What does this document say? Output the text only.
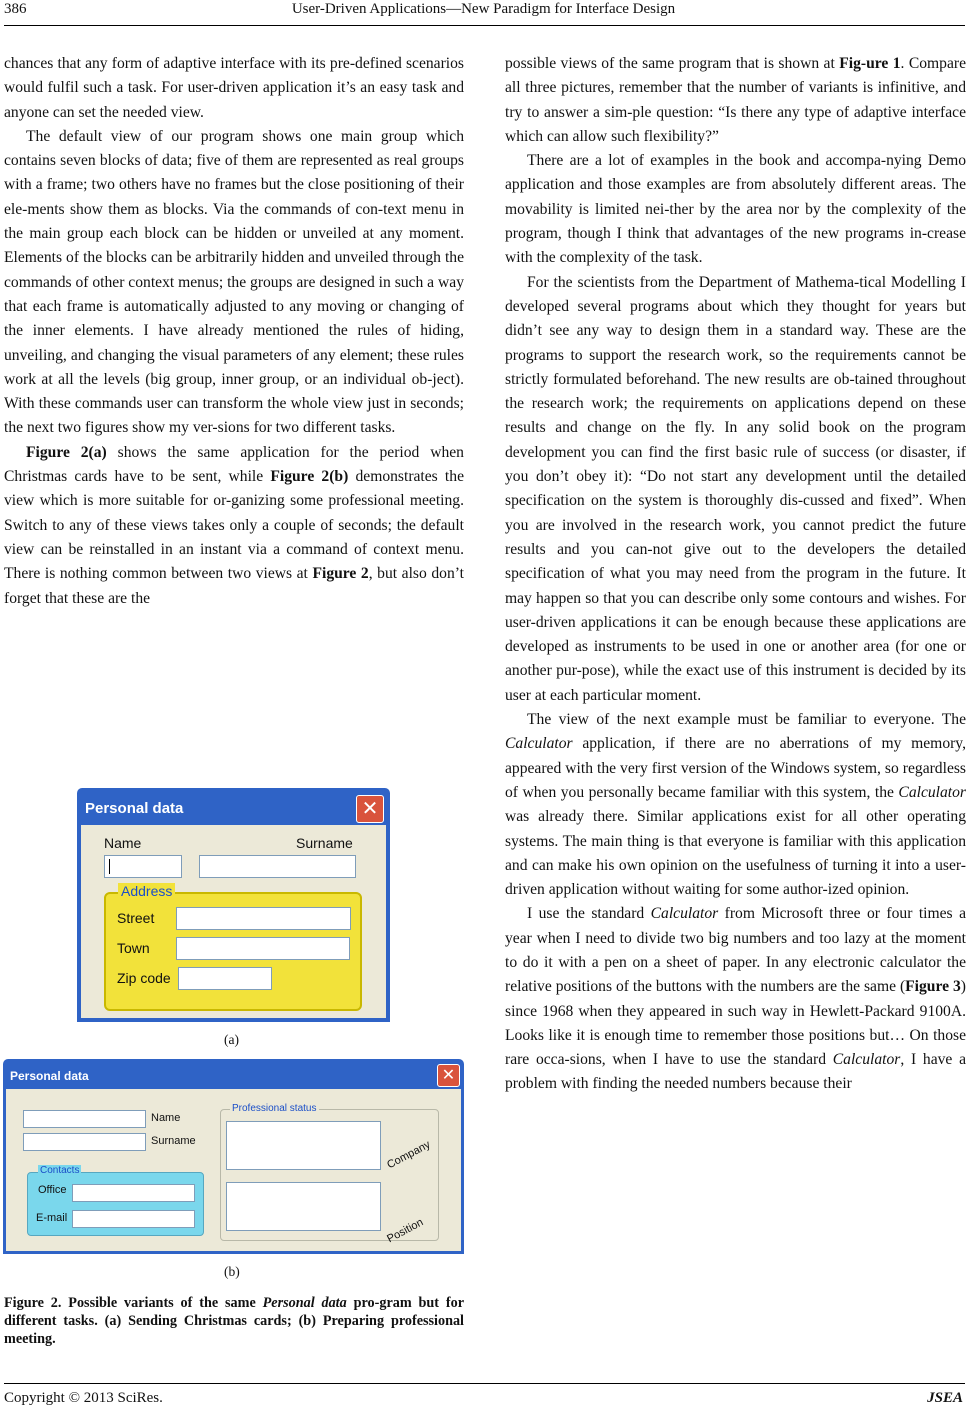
386	User-Driven Applications—New Paradigm for Interface Design

chances that any form of adaptive interface with its pre-defined scenarios would fulfil such a task. For user-driven application it’s an easy task and anyone can set the needed view.

The default view of our program shows one main group which contains seven blocks of data; five of them are represented as real groups with a frame; two others have no frames but the close positioning of their ele-ments show them as blocks. Via the commands of con-text menu in the main group each block can be hidden or unveiled at any moment. Elements of the blocks can be arbitrarily hidden and unveiled through the commands of other context menus; the groups are designed in such a way that each frame is automatically adjusted to any moving or changing of the inner elements. I have already mentioned the rules of hiding, unveiling, and changing the visual parameters of any element; these rules work at all the levels (big group, inner group, or an individual ob-ject). With these commands user can transform the whole view just in seconds; the next two figures show my ver-sions for two different tasks.

Figure 2(a) shows the same application for the period when Christmas cards have to be sent, while Figure 2(b) demonstrates the view which is more suitable for or-ganizing some professional meeting. Switch to any of these views takes only a couple of seconds; the default view can be reinstalled in an instant via a command of context menu. There is nothing common between two views at Figure 2, but also don’t forget that these are the

Personal data	✕
Name	Surname
Address
Street
Town
Zip code
(a)
Personal data	✕
Name
Surname
Contacts
Office
E-mail
Professional status
Company
Position
(b)
Figure 2. Possible variants of the same Personal data pro-gram but for different tasks. (a) Sending Christmas cards; (b) Preparing professional meeting.

possible views of the same program that is shown at Fig-ure 1. Compare all three pictures, remember that the number of variants is infinitive, and try to answer a sim-ple question: “Is there any type of adaptive interface which can allow such flexibility?”

There are a lot of examples in the book and accompa-nying Demo application and those examples are from absolutely different areas. The movability is limited nei-ther by the area nor by the complexity of the program, though I think that advantages of the new programs in-crease with the complexity of the task.

For the scientists from the Department of Mathema-tical Modelling I developed several programs about which they thought for years but didn’t see any way to design them in a standard way. These are the programs to support the research work, so the requirements cannot be strictly formulated beforehand. The new results are ob-tained throughout the research work; the requirements on applications depend on these results and change on the fly. In any solid book on the program development you can find the first basic rule of success (or disaster, if you don’t obey it): “Do not start any development until the detailed specification on the system is thoroughly dis-cussed and fixed”. When you are involved in the research work, you cannot predict the future results and you can-not give out to the developers the detailed specification of what you may need from the program in the future. It may happen so that you can describe only some contours and wishes. For user-driven applications it can be enough because these applications are developed as instruments to be used in one or another area (for one or another pur-pose), while the exact use of this instrument is decided by its user at each particular moment.

The view of the next example must be familiar to everyone. The Calculator application, if there are no aberrations of my memory, appeared with the very first version of the Windows system, so regardless of when you personally became familiar with this system, the Calculator was already there. Similar applications exist for all other operating systems. The main thing is that everyone is familiar with this application and can make his own opinion on the usefulness of turning it into a user-driven application without waiting for some author-ized opinion.

I use the standard Calculator from Microsoft three or four times a year when I need to divide two big numbers and too lazy at the moment to do it with a pen on a sheet of paper. In any electronic calculator the relative positions of the buttons with the numbers are the same (Figure 3) since 1968 when they appeared in such way in Hewlett-Packard 9100A. Looks like it is enough time to remember those positions but… On those rare occa-sions, when I have to use the standard Calculator, I have a problem with finding the needed numbers because their

Copyright © 2013 SciRes.	JSEA
